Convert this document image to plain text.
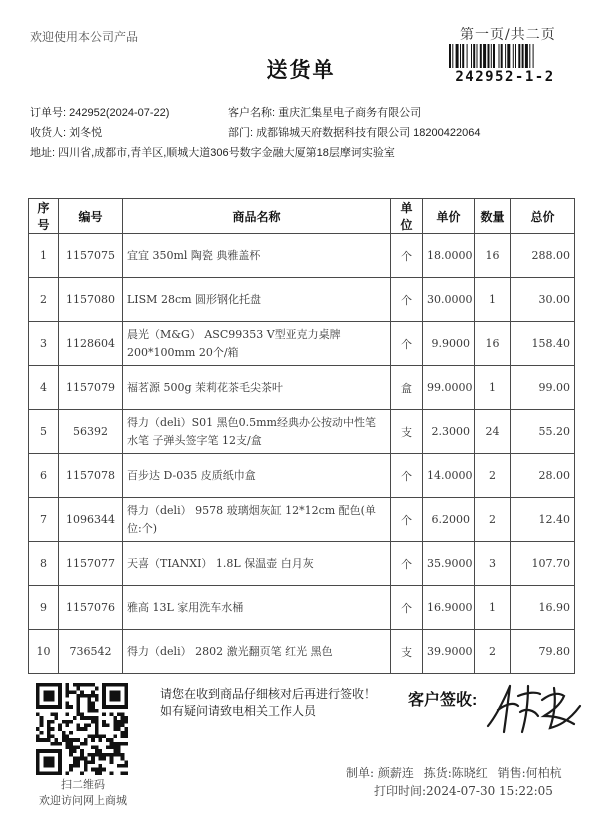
欢迎使用本公司产品	第一页/共二页
送货单	242952-1-2
订单号: 242952(2024-07-22)	客户名称: 重庆汇集星电子商务有限公司
收货人: 刘冬悦	部门: 成都锦城天府数据科技有限公司 18200422064
地址: 四川省,成都市,青羊区,顺城大道306号数字金融大厦第18层摩诃实验室
序号	编号	商品名称	单位	单价	数量	总价
1	1157075	宜宜 350ml 陶瓷 典雅盖杯	个	18.0000	16	288.00
2	1157080	LISM 28cm 圆形钢化托盘	个	30.0000	1	30.00
3	1128604	晨光（M&G） ASC99353 V型亚克力桌牌 200*100mm 20个/箱	个	9.9000	16	158.40
4	1157079	福茗源 500g 茉莉花茶毛尖茶叶	盒	99.0000	1	99.00
5	56392	得力（deli）S01 黑色0.5mm经典办公按动中性笔水笔 子弹头签字笔 12支/盒	支	2.3000	24	55.20
6	1157078	百步达 D-035 皮质纸巾盒	个	14.0000	2	28.00
7	1096344	得力（deli） 9578 玻璃烟灰缸 12*12cm 配色(单位:个)	个	6.2000	2	12.40
8	1157077	天喜（TIANXI） 1.8L 保温壶 白月灰	个	35.9000	3	107.70
9	1157076	雅高 13L 家用洗车水桶	个	16.9000	1	16.90
10	736542	得力（deli） 2802 激光翻页笔 红光 黑色	支	39.9000	2	79.80
扫二维码
欢迎访问网上商城
请您在收到商品仔细核对后再进行签收！如有疑问请致电相关工作人员
客户签收:
制单: 颜薪连 拣货:陈晓红 销售:何柏杭
打印时间:2024-07-30 15:22:05
